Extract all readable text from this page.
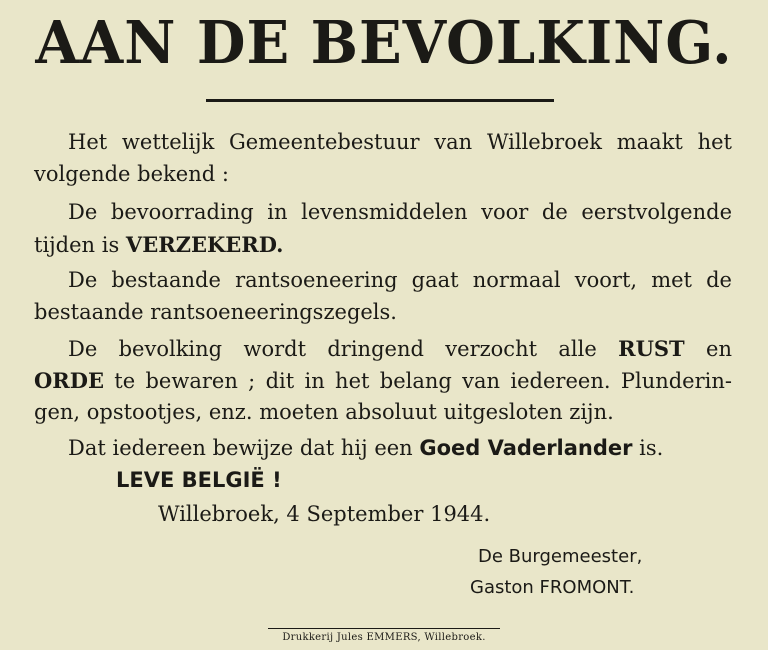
AAN DE BEVOLKING.
Het wettelijk Gemeentebestuur van Willebroek maakt het
volgende bekend :
De bevoorrading in levensmiddelen voor de eerstvolgende
tijden is VERZEKERD.
De bestaande rantsoeneering gaat normaal voort, met de
bestaande rantsoeneeringszegels.
De bevolking wordt dringend verzocht alle RUST en
ORDE te bewaren ; dit in het belang van iedereen. Plunderin-
gen, opstootjes, enz. moeten absoluut uitgesloten zijn.
Dat iedereen bewijze dat hij een Goed Vaderlander is.
LEVE BELGIË !
Willebroek, 4 September 1944.
De Burgemeester,
Gaston FROMONT.
Drukkerij Jules EMMERS, Willebroek.
